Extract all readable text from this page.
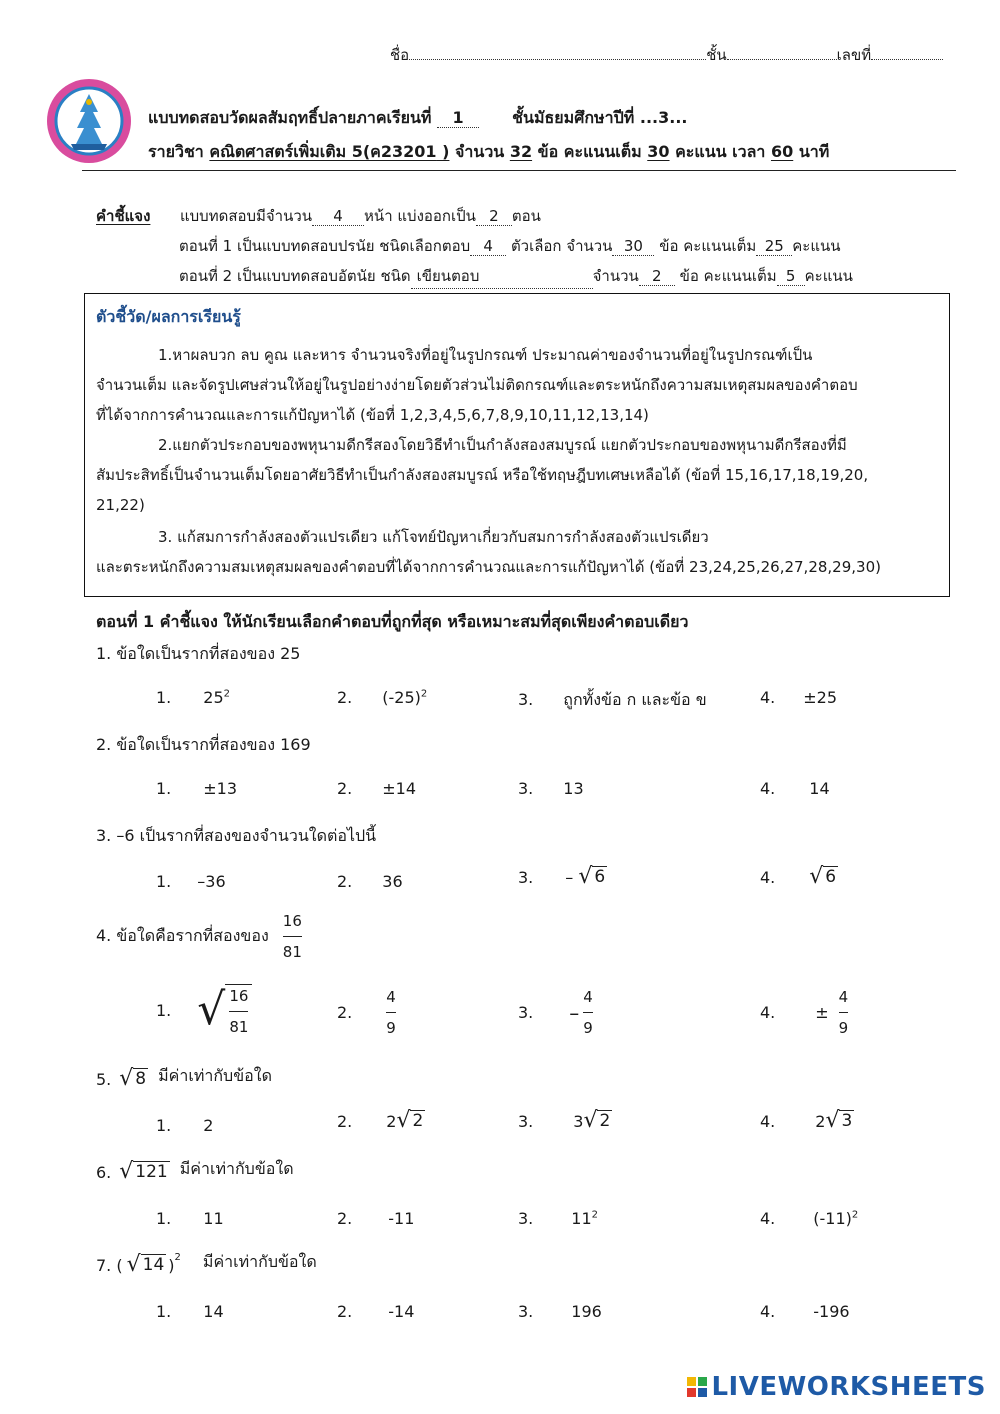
ชื่อ	ชั้น	เลขที่
แบบทดสอบวัดผลสัมฤทธิ์ปลายภาคเรียนที่ 1	ชั้นมัธยมศึกษาปีที่ ...3...
รายวิชา คณิตศาสตร์เพิ่มเติม 5(ค23201 ) จำนวน 32 ข้อ คะแนนเต็ม 30 คะแนน เวลา 60 นาที
คำชี้แจง แบบทดสอบมีจำนวน 4 หน้า แบ่งออกเป็น 2 ตอน
ตอนที่ 1 เป็นแบบทดสอบปรนัย ชนิดเลือกตอบ 4 ตัวเลือก จำนวน 30 ข้อ คะแนนเต็ม 25 คะแนน
ตอนที่ 2 เป็นแบบทดสอบอัตนัย ชนิด เขียนตอบ	จำนวน 2 ข้อ คะแนนเต็ม 5 คะแนน
ตัวชี้วัด/ผลการเรียนรู้
1.หาผลบวก ลบ คูณ และหาร จำนวนจริงที่อยู่ในรูปกรณฑ์ ประมาณค่าของจำนวนที่อยู่ในรูปกรณฑ์เป็น
จำนวนเต็ม และจัดรูปเศษส่วนให้อยู่ในรูปอย่างง่ายโดยตัวส่วนไม่ติดกรณฑ์และตระหนักถึงความสมเหตุสมผลของคำตอบ
ที่ได้จากการคำนวณและการแก้ปัญหาได้ (ข้อที่ 1,2,3,4,5,6,7,8,9,10,11,12,13,14)
2.แยกตัวประกอบของพหุนามดีกรีสองโดยวิธีทำเป็นกำลังสองสมบูรณ์ แยกตัวประกอบของพหุนามดีกรีสองที่มี
สัมประสิทธิ์เป็นจำนวนเต็มโดยอาศัยวิธีทำเป็นกำลังสองสมบูรณ์ หรือใช้ทฤษฎีบทเศษเหลือได้ (ข้อที่ 15,16,17,18,19,20,
21,22)
3. แก้สมการกำลังสองตัวแปรเดียว แก้โจทย์ปัญหาเกี่ยวกับสมการกำลังสองตัวแปรเดียว
และตระหนักถึงความสมเหตุสมผลของคำตอบที่ได้จากการคำนวณและการแก้ปัญหาได้ (ข้อที่ 23,24,25,26,27,28,29,30)
ตอนที่ 1 คำชี้แจง ให้นักเรียนเลือกคำตอบที่ถูกที่สุด หรือเหมาะสมที่สุดเพียงคำตอบเดียว
1. ข้อใดเป็นรากที่สองของ 25
1. $25^2$	2. $(-25)^2$	3. ถูกทั้งข้อ ก และข้อ ข	4. ±25
2. ข้อใดเป็นรากที่สองของ 169
1. ±13	2. ±14	3. 13	4. 14
3. –6 เป็นรากที่สองของจำนวนใดต่อไปนี้
1. –36	2. 36	3. – √ 6	4. √ 6
4. ข้อใดคือรากที่สองของ $\frac{16}{81}$
1. √ $\frac{16}{81}$	2. $\frac{4}{9}$	3. – $\frac{4}{9}$	4.	± $\frac{4}{9}$
5. √ 8 มีค่าเท่ากับข้อใด
1. 2	2. 2 √ 2	3.	3 √ 2	4.	2 √ 3
6. √ 121 มีค่าเท่ากับข้อใด
1. 11	2. -11	3. $11^2$	4. $(-11)^2$
7. ( √ 14 ) 2 มีค่าเท่ากับข้อใด
1. 14	2. -14	3. 196	4. -196
LIVEWORKSHEETS
